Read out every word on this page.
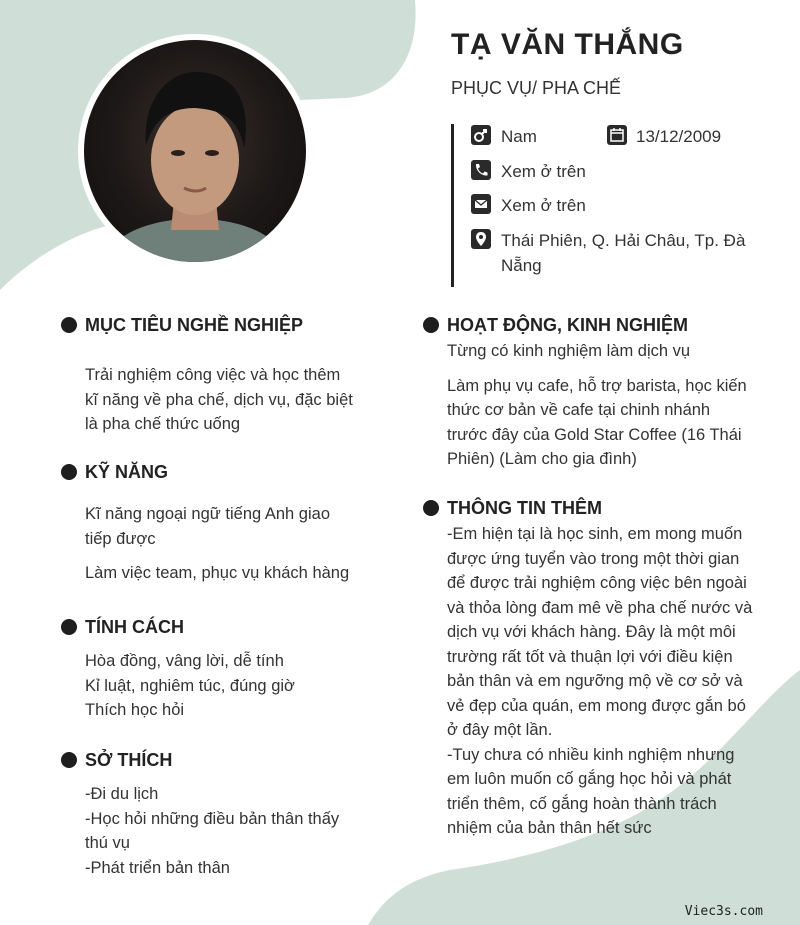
TẠ VĂN THẮNG
PHỤC VỤ/ PHA CHẾ
Nam	13/12/2009
Xem ở trên
Xem ở trên
Thái Phiên, Q. Hải Châu, Tp. Đà
Nẵng
MỤC TIÊU NGHỀ NGHIỆP

Trải nghiệm công việc và học thêm

kĩ năng về pha chế, dịch vụ, đặc biệt

là pha chế thức uống

KỸ NĂNG

Kĩ năng ngoại ngữ tiếng Anh giao

tiếp được

Làm việc team, phục vụ khách hàng

TÍNH CÁCH

Hòa đồng, vâng lời, dễ tính

Kỉ luật, nghiêm túc, đúng giờ

Thích học hỏi

SỞ THÍCH

-Đi du lịch

-Học hỏi những điều bản thân thấy

thú vụ

-Phát triển bản thân

HOẠT ĐỘNG, KINH NGHIỆM

Từng có kinh nghiệm làm dịch vụ

Làm phụ vụ cafe, hỗ trợ barista, học kiến

thức cơ bản về cafe tại chinh nhánh

trước đây của Gold Star Coffee (16 Thái

Phiên) (Làm cho gia đình)

THÔNG TIN THÊM

-Em hiện tại là học sinh, em mong muốn

được ứng tuyển vào trong một thời gian

để được trải nghiệm công việc bên ngoài

và thỏa lòng đam mê về pha chế nước và

dịch vụ với khách hàng. Đây là một môi

trường rất tốt và thuận lợi với điều kiện

bản thân và em ngưỡng mộ về cơ sở và

vẻ đẹp của quán, em mong được gắn bó

ở đây một lần.

-Tuy chưa có nhiều kinh nghiệm nhưng

em luôn muốn cố gắng học hỏi và phát

triển thêm, cố gắng hoàn thành trách

nhiệm của bản thân hết sức

Viec3s.com
